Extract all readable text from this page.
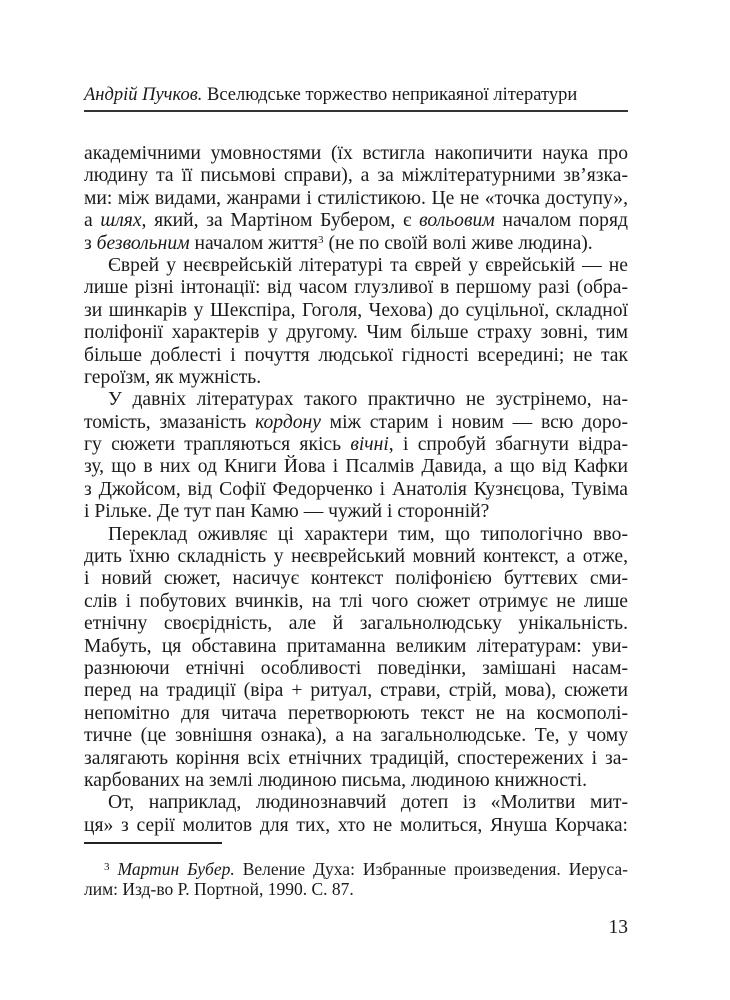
Андрій Пучков. Вселюдське торжество неприкаяної літератури
академічними умовностями (їх встигла накопичити наука про
людину та її письмові справи), а за міжлітературними зв’язка-
ми: між видами, жанрами і стилістикою. Це не «точка доступу»,
а шлях, який, за Мартіном Бубером, є вольовим началом поряд
з безвольним началом життя$^3$ (не по своїй волі живе людина).
Єврей у неєврейській літературі та єврей у єврейській — не
лише різні інтонації: від часом глузливої в першому разі (обра-
зи шинкарів у Шекспіра, Гоголя, Чехова) до суцільної, складної
поліфонії характерів у другому. Чим більше страху зовні, тим
більше доблесті і почуття людської гідності всередині; не так
героїзм, як мужність.
У давніх літературах такого практично не зустрінемо, на-
томість, змазаність кордону між старим і новим — всю доро-
гу сюжети трапляються якісь вічні, і спробуй збагнути відра-
зу, що в них од Книги Йова і Псалмів Давида, а що від Кафки
з Джойсом, від Софії Федорченко і Анатолія Кузнєцова, Тувіма
і Рільке. Де тут пан Камю — чужий і сторонній?
Переклад оживляє ці характери тим, що типологічно вво-
дить їхню складність у неєврейський мовний контекст, а отже,
і новий сюжет, насичує контекст поліфонією буттєвих сми-
слів і побутових вчинків, на тлі чого сюжет отримує не лише
етнічну своєрідність, але й загальнолюдську унікальність.
Мабуть, ця обставина притаманна великим літературам: уви-
разнюючи етнічні особливості поведінки, замішані насам-
перед на традиції (віра + ритуал, страви, стрій, мова), сюжети
непомітно для читача перетворюють текст не на космополі-
тичне (це зовнішня ознака), а на загальнолюдське. Те, у чому
залягають коріння всіх етнічних традицій, спостережених і за-
карбованих на землі людиною письма, людиною книжності.
От, наприклад, людинознавчий дотеп із «Молитви мит-
ця» з серії молитов для тих, хто не молиться, Януша Корчака:
$^3$ Мартин Бубер. Веление Духа: Избранные произведения. Иеруса-
лим: Изд-во Р. Портной, 1990. С. 87.
13
